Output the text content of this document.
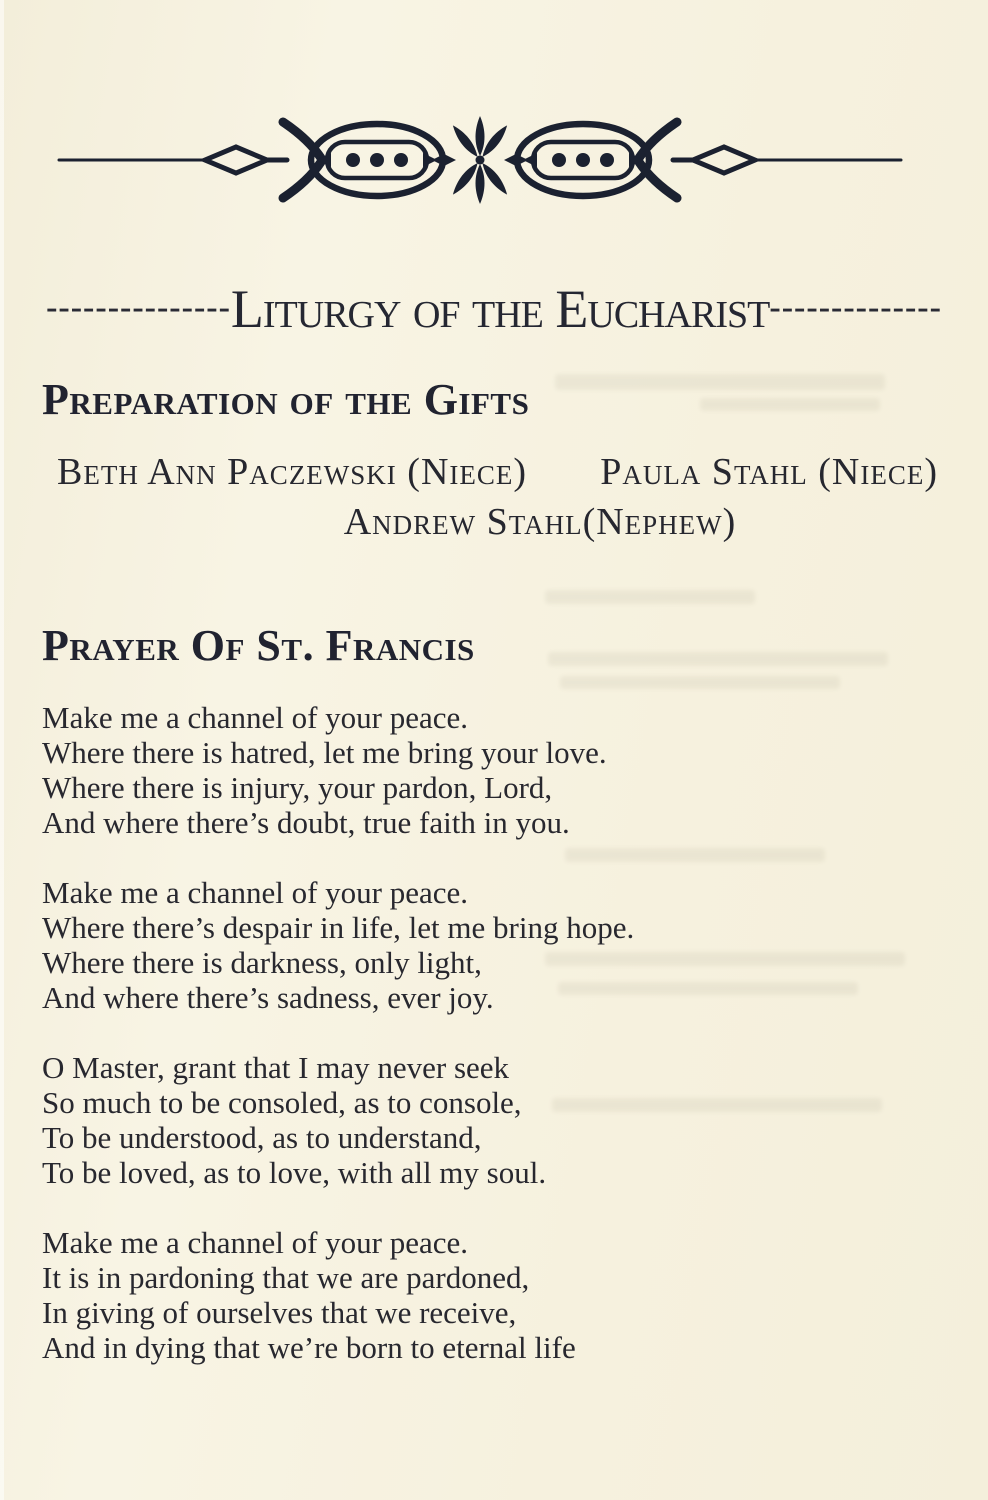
---------------Liturgy of the Eucharist--------------
Preparation of the Gifts
Beth Ann Paczewski (Niece) Paula Stahl (Niece)
Andrew Stahl(Nephew)
Prayer Of St. Francis
Make me a channel of your peace.
Where there is hatred, let me bring your love.
Where there is injury, your pardon, Lord,
And where there’s doubt, true faith in you.
Make me a channel of your peace.
Where there’s despair in life, let me bring hope.
Where there is darkness, only light,
And where there’s sadness, ever joy.
O Master, grant that I may never seek
So much to be consoled, as to console,
To be understood, as to understand,
To be loved, as to love, with all my soul.
Make me a channel of your peace.
It is in pardoning that we are pardoned,
In giving of ourselves that we receive,
And in dying that we’re born to eternal life
